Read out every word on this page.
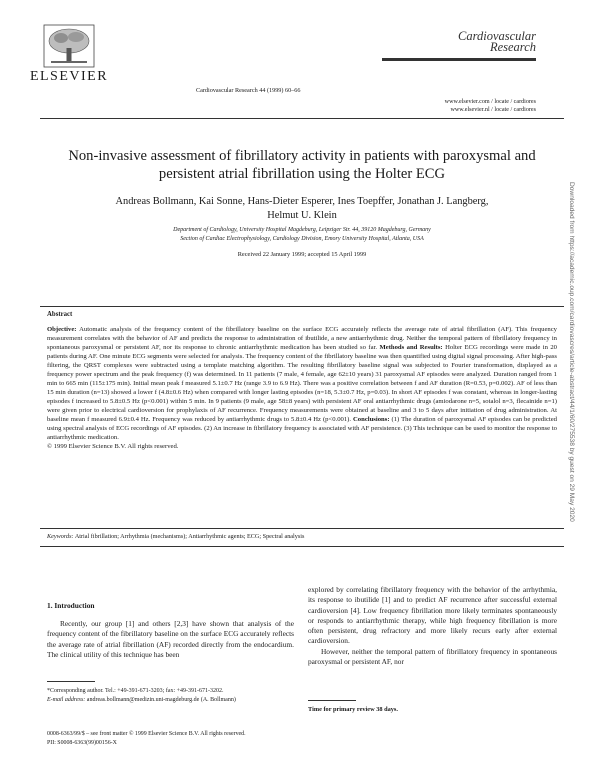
ELSEVIER
Cardiovascular Research 44 (1999) 60–66
Cardiovascular
Research
www.elsevier.com / locate / cardiores
www.elsevier.nl / locate / cardiores
Non-invasive assessment of fibrillatory activity in patients with paroxysmal and persistent atrial fibrillation using the Holter ECG
Andreas Bollmann, Kai Sonne, Hans-Dieter Esperer, Ines Toepffer, Jonathan J. Langberg,
Helmut U. Klein
Department of Cardiology, University Hospital Magdeburg, Leipziger Str. 44, 39120 Magdeburg, Germany
Section of Cardiac Electrophysiology, Cardiology Division, Emory University Hospital, Atlanta, USA
Received 22 January 1999; accepted 15 April 1999
Abstract
Objective: Automatic analysis of the frequency content of the fibrillatory baseline on the surface ECG accurately reflects the average rate of atrial fibrillation (AF). This frequency measurement correlates with the behavior of AF and predicts the response to administration of ibutilide, a new antiarrhythmic drug. Neither the temporal pattern of fibrillatory frequency in spontaneous paroxysmal or persistent AF, nor its response to chronic antiarrhythmic medication has been studied so far. Methods and Results: Holter ECG recordings were made in 20 patients during AF. One minute ECG segments were selected for analysis. The frequency content of the fibrillatory baseline was then quantified using digital signal processing. After high-pass filtering, the QRST complexes were subtracted using a template matching algorithm. The resulting fibrillatory baseline signal was subjected to Fourier transformation, displayed as a frequency power spectrum and the peak frequency (f) was determined. In 11 patients (7 male, 4 female, age 62±10 years) 31 paroxysmal AF episodes were analyzed. Duration ranged from 1 min to 665 min (115±175 min). Initial mean peak f measured 5.1±0.7 Hz (range 3.9 to 6.9 Hz). There was a positive correlation between f and AF duration (R=0.53, p=0.002). AF of less than 15 min duration (n=13) showed a lower f (4.8±0.6 Hz) when compared with longer lasting episodes (n=18, 5.3±0.7 Hz, p=0.03). In short AF episodes f was constant, whereas in longer-lasting episodes f increased to 5.8±0.5 Hz (p<0.001) within 5 min. In 9 patients (9 male, age 58±8 years) with persistent AF oral antiarrhythmic drugs (amiodarone n=5, sotalol n=3, flecainide n=1) were given prior to electrical cardioversion for prophylaxis of AF recurrence. Frequency measurements were obtained at baseline and 3 to 5 days after initiation of drug administration. At baseline mean f measured 6.9±0.4 Hz. Frequency was reduced by antiarrhythmic drugs to 5.8±0.4 Hz (p<0.001). Conclusions: (1) The duration of paroxysmal AF episodes can be predicted using spectral analysis of ECG recordings of AF episodes. (2) An increase in fibrillatory frequency is associated with AF persistence. (3) This technique can be used to monitor the response to antiarrhythmic medication.
© 1999 Elsevier Science B.V. All rights reserved.
Keywords: Atrial fibrillation; Arrhythmia (mechanisms); Antiarrhythmic agents; ECG; Spectral analysis
1. Introduction

Recently, our group [1] and others [2,3] have shown that analysis of the frequency content of the fibrillatory baseline on the surface ECG accurately reflects the average rate of atrial fibrillation (AF) recorded directly from the endocardium. The clinical utility of this technique has been

explored by correlating fibrillatory frequency with the behavior of the arrhythmia, its response to ibutilide [1] and to predict AF recurrence after successful external cardioversion [4]. Low frequency fibrillation more likely terminates spontaneously or responds to antiarrhythmic therapy, while high frequency fibrillation is more often persistent, drug refractory and more likely recurs early after external cardioversion.

However, neither the temporal pattern of fibrillatory frequency in spontaneous paroxysmal or persistent AF, nor

*Corresponding author. Tel.: +49-391-671-3203; fax: +49-391-671-3202.
E-mail address: andreas.bollmann@medizin.uni-magdeburg.de (A. Bollmann)
Time for primary review 38 days.
0008-6363/99/$ – see front matter © 1999 Elsevier Science B.V. All rights reserved.
PII: S0008-6363(99)00156-X
Downloaded from https://academic.oup.com/cardiovascres/article-abstract/44/1/60/275538 by guest on 29 May 2020
